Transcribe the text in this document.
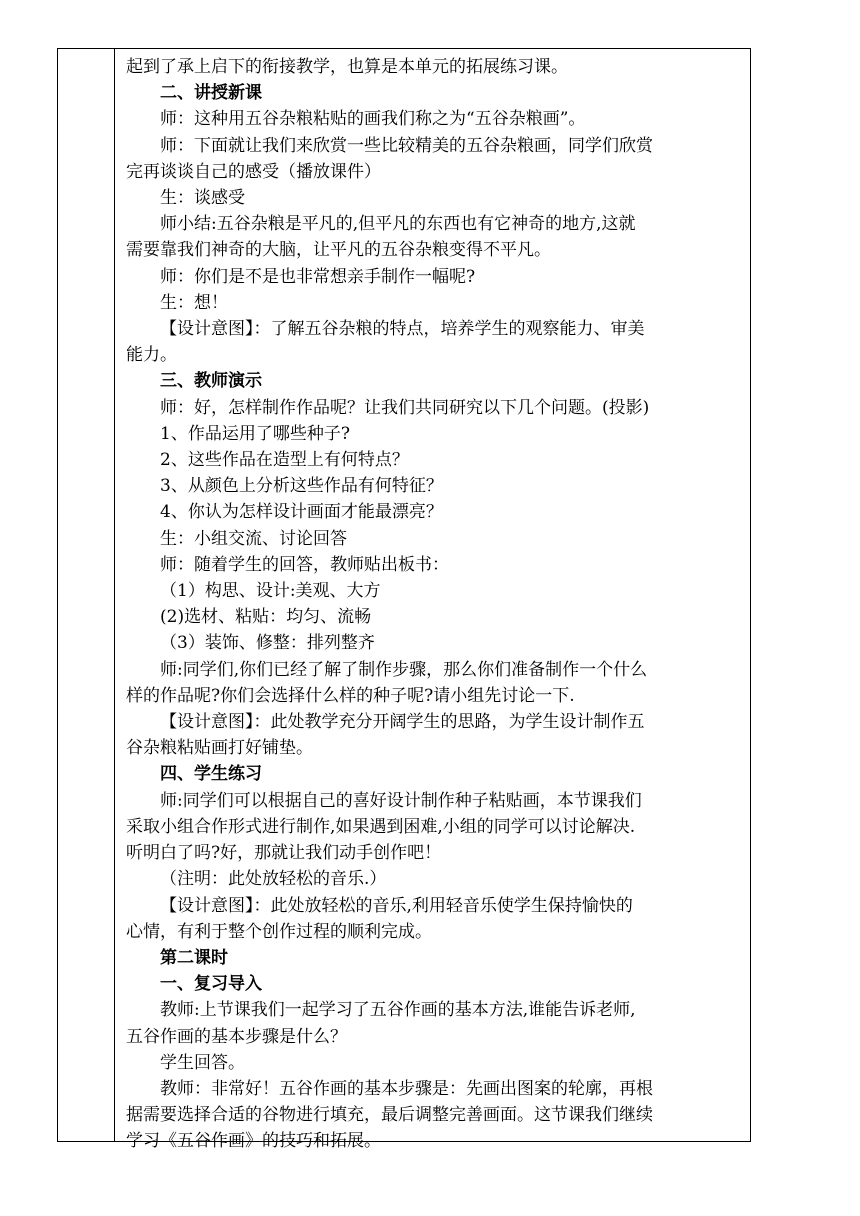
起到了承上启下的衔接教学，也算是本单元的拓展练习课。
二、讲授新课
师：这种用五谷杂粮粘贴的画我们称之为“五谷杂粮画”。
师：下面就让我们来欣赏一些比较精美的五谷杂粮画，同学们欣赏
完再谈谈自己的感受（播放课件）
生：谈感受
师小结:五谷杂粮是平凡的,但平凡的东西也有它神奇的地方,这就
需要靠我们神奇的大脑，让平凡的五谷杂粮变得不平凡。
师：你们是不是也非常想亲手制作一幅呢?
生：想！
【设计意图】：了解五谷杂粮的特点，培养学生的观察能力、审美
能力。
三、教师演示
师：好，怎样制作作品呢？让我们共同研究以下几个问题。(投影)
1、作品运用了哪些种子?
2、这些作品在造型上有何特点？
3、从颜色上分析这些作品有何特征？
4、你认为怎样设计画面才能最漂亮？
生：小组交流、讨论回答
师：随着学生的回答，教师贴出板书：
（1）构思、设计:美观、大方
(2)选材、粘贴：均匀、流畅
（3）装饰、修整：排列整齐
师:同学们,你们已经了解了制作步骤，那么你们准备制作一个什么
样的作品呢?你们会选择什么样的种子呢?请小组先讨论一下.
【设计意图】：此处教学充分开阔学生的思路，为学生设计制作五
谷杂粮粘贴画打好铺垫。
四、学生练习
师:同学们可以根据自己的喜好设计制作种子粘贴画，本节课我们
采取小组合作形式进行制作,如果遇到困难,小组的同学可以讨论解决.
听明白了吗?好，那就让我们动手创作吧！
（注明：此处放轻松的音乐.）
【设计意图】：此处放轻松的音乐,利用轻音乐使学生保持愉快的
心情，有利于整个创作过程的顺利完成。
第二课时
一、复习导入
教师:上节课我们一起学习了五谷作画的基本方法,谁能告诉老师,
五谷作画的基本步骤是什么？
学生回答。
教师：非常好！五谷作画的基本步骤是：先画出图案的轮廓，再根
据需要选择合适的谷物进行填充，最后调整完善画面。这节课我们继续
学习《五谷作画》的技巧和拓展。
